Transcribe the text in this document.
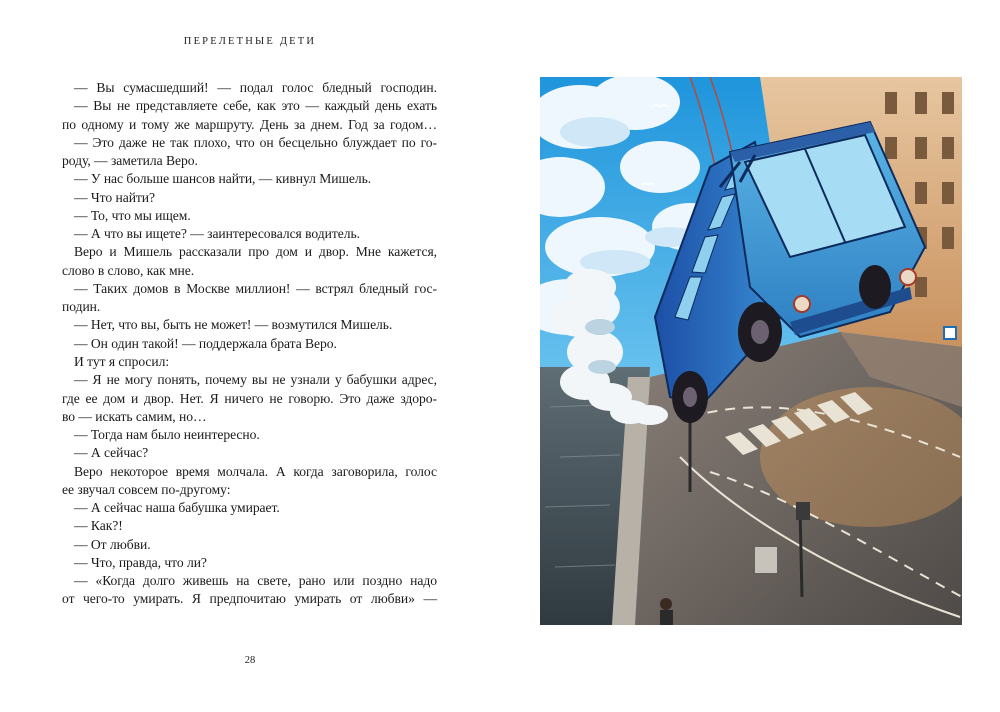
ПЕРЕЛЕТНЫЕ ДЕТИ
— Вы сумасшедший! — подал голос бледный господин.
— Вы не представляете себе, как это — каждый день ехать
по одному и тому же маршруту. День за днем. Год за годом…
— Это даже не так плохо, что он бесцельно блуждает по го-
роду, — заметила Веро.
— У нас больше шансов найти, — кивнул Мишель.
— Что найти?
— То, что мы ищем.
— А что вы ищете? — заинтересовался водитель.
Веро и Мишель рассказали про дом и двор. Мне кажется,
слово в слово, как мне.
— Таких домов в Москве миллион! — встрял бледный гос-
подин.
— Нет, что вы, быть не может! — возмутился Мишель.
— Он один такой! — поддержала брата Веро.
И тут я спросил:
— Я не могу понять, почему вы не узнали у бабушки адрес,
где ее дом и двор. Нет. Я ничего не говорю. Это даже здоро-
во — искать самим, но…
— Тогда нам было неинтересно.
— А сейчас?
Веро некоторое время молчала. А когда заговорила, голос
ее звучал совсем по-другому:
— А сейчас наша бабушка умирает.
— Как?!
— От любви.
— Что, правда, что ли?
— «Когда долго живешь на свете, рано или поздно надо
от чего-то умирать. Я предпочитаю умирать от любви» —
28
